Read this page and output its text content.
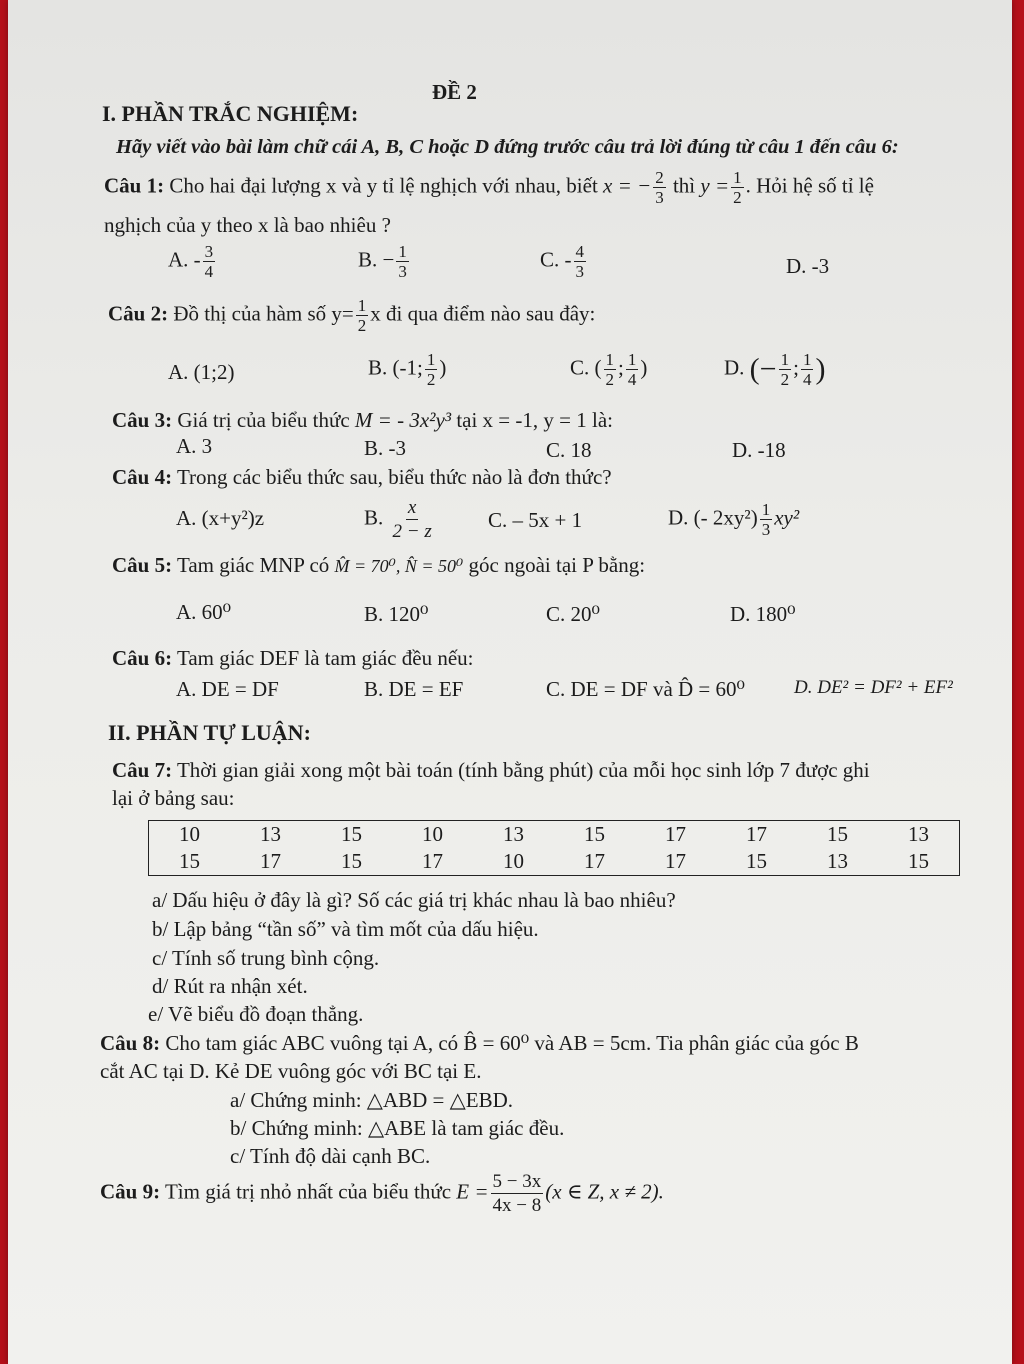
ĐỀ 2
I. PHẦN TRẮC NGHIỆM:
Hãy viết vào bài làm chữ cái A, B, C hoặc D đứng trước câu trả lời đúng từ câu 1 đến câu 6:
Câu 1: Cho hai đại lượng x và y tỉ lệ nghịch với nhau, biết x = − $\frac{2}{3}$ thì $y = \frac{1}{2}$ . Hỏi hệ số tỉ lệ
nghịch của y theo x là bao nhiêu ?
A. - $\frac{3}{4}$	B. − $\frac{1}{3}$	C. - $\frac{4}{3}$	D. -3
Câu 2: Đồ thị của hàm số $y= \frac{1}{2}$ x đi qua điểm nào sau đây:
A. (1;2)	B. (-1; $\frac{1}{2}$ )	C. ( $\frac{1}{2}$ ; $\frac{1}{4}$ )	D. (− $\frac{1}{2}$ ; $\frac{1}{4}$ )
Câu 3: Giá trị của biểu thức M = - 3x²y³ tại x = -1, y = 1 là:
A. 3	B. -3	C. 18	D. -18
Câu 4: Trong các biểu thức sau, biểu thức nào là đơn thức?
A. (x+y²)z	B. $\frac{x}{2 - z}$	C. – 5x + 1	D. (- $2xy^2) \frac{1}{3} xy^2$
Câu 5: Tam giác MNP có M̂ = 70⁰, N̂ = 50⁰ góc ngoài tại P bằng:
A. 60⁰	B. 120⁰	C. 20⁰	D. 180⁰
Câu 6: Tam giác DEF là tam giác đều nếu:
A. DE = DF	B. DE = EF	C. DE = DF và D̂ = 60⁰	D. DE² = DF² + EF²
II. PHẦN TỰ LUẬN:
Câu 7: Thời gian giải xong một bài toán (tính bằng phút) của mỗi học sinh lớp 7 được ghi
lại ở bảng sau:
10	13	15	10	13	15	17	17	15	13
15	17	15	17	10	17	17	15	13	15
a/ Dấu hiệu ở đây là gì? Số các giá trị khác nhau là bao nhiêu?
b/ Lập bảng “tần số” và tìm mốt của dấu hiệu.
c/ Tính số trung bình cộng.
d/ Rút ra nhận xét.
e/ Vẽ biểu đồ đoạn thẳng.
Câu 8: Cho tam giác ABC vuông tại A, có B̂ = 60⁰ và AB = 5cm. Tia phân giác của góc B
cắt AC tại D. Kẻ DE vuông góc với BC tại E.
a/ Chứng minh: △ABD = △EBD.
b/ Chứng minh: △ABE là tam giác đều.
c/ Tính độ dài cạnh BC.
Câu 9: Tìm giá trị nhỏ nhất của biểu thức $E = \frac{5 - 3x}{4x - 8} (x$ ∈ Z, x ≠ 2).
